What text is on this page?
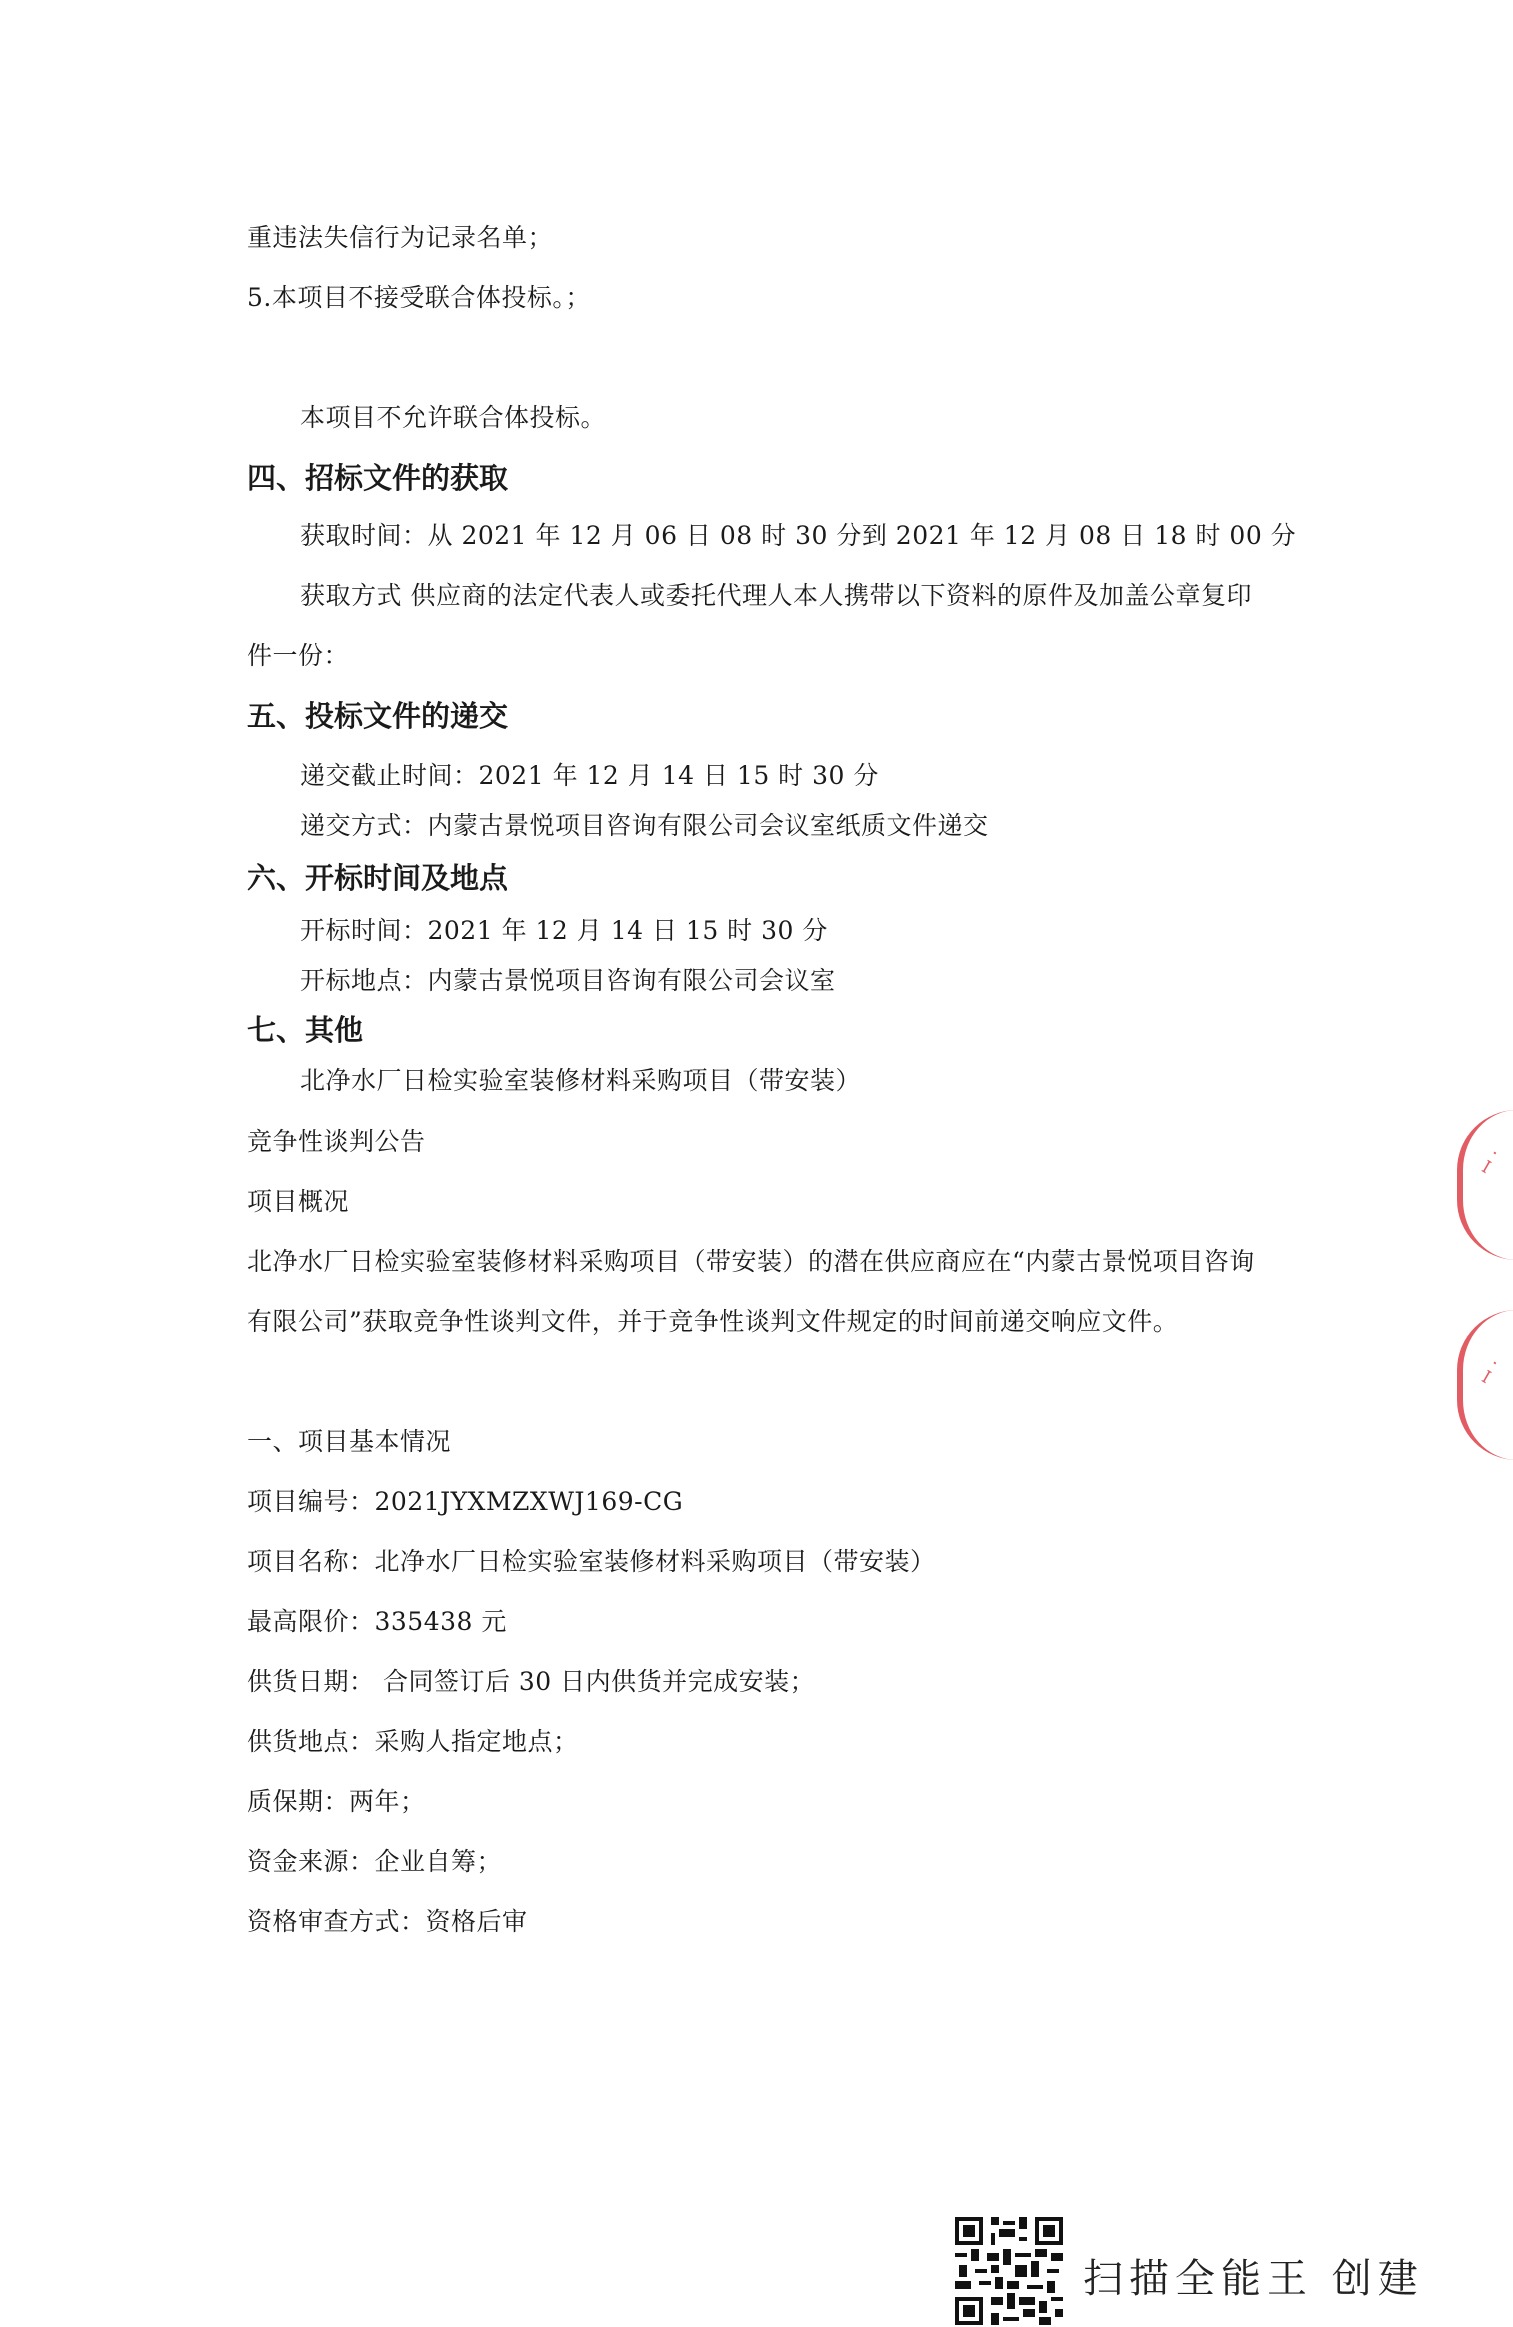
重违法失信行为记录名单；
5.本项目不接受联合体投标。；
本项目不允许联合体投标。
四、招标文件的获取
获取时间：从 2021 年 12 月 06 日 08 时 30 分到 2021 年 12 月 08 日 18 时 00 分
获取方式 供应商的法定代表人或委托代理人本人携带以下资料的原件及加盖公章复印
件一份：
五、投标文件的递交
递交截止时间：2021 年 12 月 14 日 15 时 30 分
递交方式：内蒙古景悦项目咨询有限公司会议室纸质文件递交
六、开标时间及地点
开标时间：2021 年 12 月 14 日 15 时 30 分
开标地点：内蒙古景悦项目咨询有限公司会议室
七、其他
北净水厂日检实验室装修材料采购项目（带安装）
竞争性谈判公告
项目概况
北净水厂日检实验室装修材料采购项目（带安装）的潜在供应商应在“内蒙古景悦项目咨询
有限公司”获取竞争性谈判文件，并于竞争性谈判文件规定的时间前递交响应文件。
一、项目基本情况
项目编号：2021JYXMZXWJ169-CG
项目名称：北净水厂日检实验室装修材料采购项目（带安装）
最高限价：335438 元
供货日期： 合同签订后 30 日内供货并完成安装；
供货地点：采购人指定地点；
质保期：两年；
资金来源：企业自筹；
资格审查方式：资格后审
ꟷ ·
ꟷ ·
扫描全能王 创建
